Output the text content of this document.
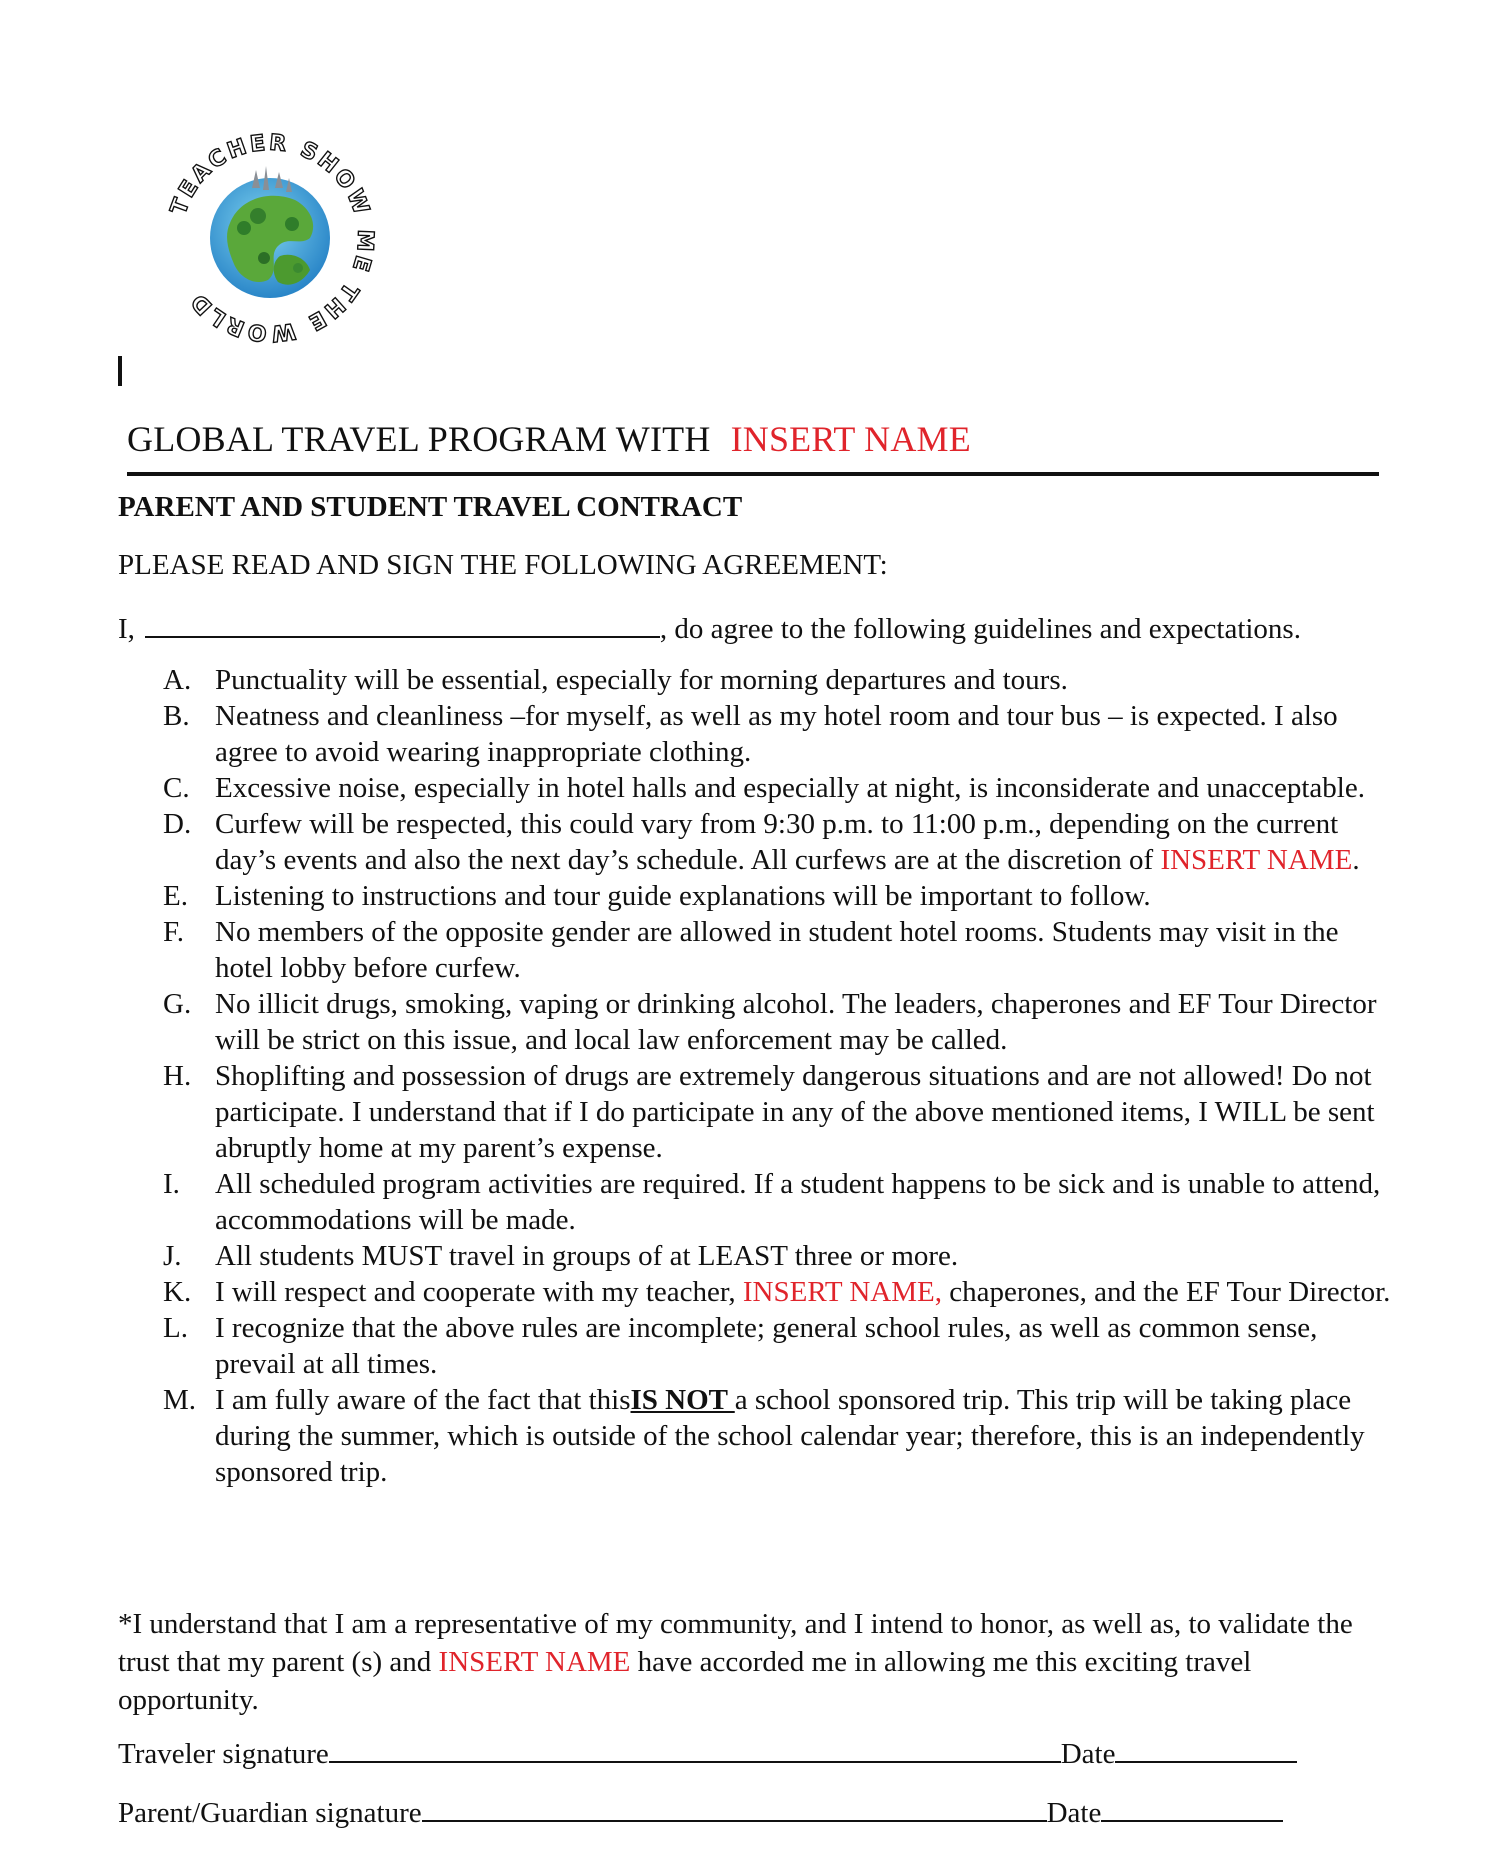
TEACHER SHOW ME THE WORLD
GLOBAL TRAVEL PROGRAM WITH INSERT NAME
PARENT AND STUDENT TRAVEL CONTRACT
PLEASE READ AND SIGN THE FOLLOWING AGREEMENT:
I,	, do agree to the following guidelines and expectations.
A. Punctuality will be essential, especially for morning departures and tours.
B. Neatness and cleanliness –for myself, as well as my hotel room and tour bus – is expected. I also agree to avoid wearing inappropriate clothing.
C. Excessive noise, especially in hotel halls and especially at night, is inconsiderate and unacceptable.
D. Curfew will be respected, this could vary from 9:30 p.m. to 11:00 p.m., depending on the current day’s events and also the next day’s schedule. All curfews are at the discretion of INSERT NAME.
E. Listening to instructions and tour guide explanations will be important to follow.
F. No members of the opposite gender are allowed in student hotel rooms. Students may visit in the hotel lobby before curfew.
G. No illicit drugs, smoking, vaping or drinking alcohol. The leaders, chaperones and EF Tour Director will be strict on this issue, and local law enforcement may be called.
H. Shoplifting and possession of drugs are extremely dangerous situations and are not allowed! Do not participate. I understand that if I do participate in any of the above mentioned items, I WILL be sent abruptly home at my parent’s expense.
I. All scheduled program activities are required. If a student happens to be sick and is unable to attend, accommodations will be made.
J. All students MUST travel in groups of at LEAST three or more.
K. I will respect and cooperate with my teacher, INSERT NAME, chaperones, and the EF Tour Director.
L. I recognize that the above rules are incomplete; general school rules, as well as common sense, prevail at all times.
M. I am fully aware of the fact that thisIS NOT a school sponsored trip. This trip will be taking place during the summer, which is outside of the school calendar year; therefore, this is an independently sponsored trip.
*I understand that I am a representative of my community, and I intend to honor, as well as, to validate the trust that my parent (s) and INSERT NAME have accorded me in allowing me this exciting travel opportunity.
Traveler signature	Date
Parent/Guardian signature	Date
